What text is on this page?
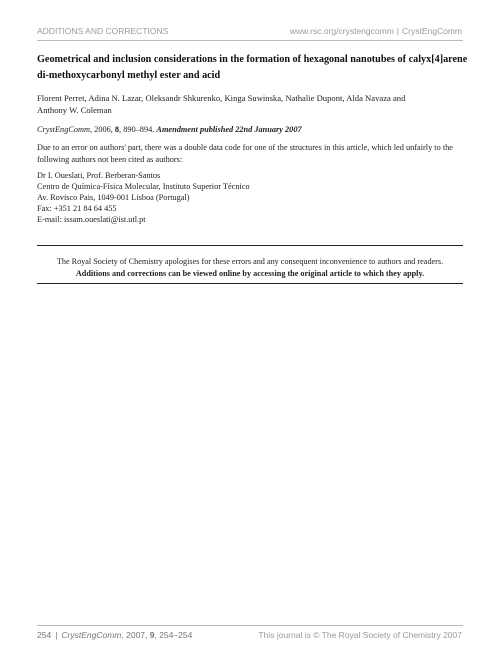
ADDITIONS AND CORRECTIONS	www.rsc.org/crystengcomm | CrystEngComm
Geometrical and inclusion considerations in the formation of hexagonal nanotubes of calyx[4]arene
di-methoxycarbonyl methyl ester and acid
Florent Perret, Adina N. Lazar, Oleksandr Shkurenko, Kinga Suwinska, Nathalie Dupont, Alda Navaza and
Anthony W. Coleman
CrystEngComm, 2006, 8, 890–894. Amendment published 22nd January 2007
Due to an error on authors' part, there was a double data code for one of the structures in this article, which led unfairly to the
following authors not been cited as authors:
Dr I. Oueslati, Prof. Berberan-Santos
Centro de Química-Física Molecular, Instituto Superior Técnico
Av. Rovisco Pais, 1049-001 Lisboa (Portugal)
Fax: +351 21 84 64 455
E-mail: issam.oueslati@ist.utl.pt
The Royal Society of Chemistry apologises for these errors and any consequent inconvenience to authors and readers.
Additions and corrections can be viewed online by accessing the original article to which they apply.
254 | CrystEngComm, 2007, 9, 254–254	This journal is © The Royal Society of Chemistry 2007
